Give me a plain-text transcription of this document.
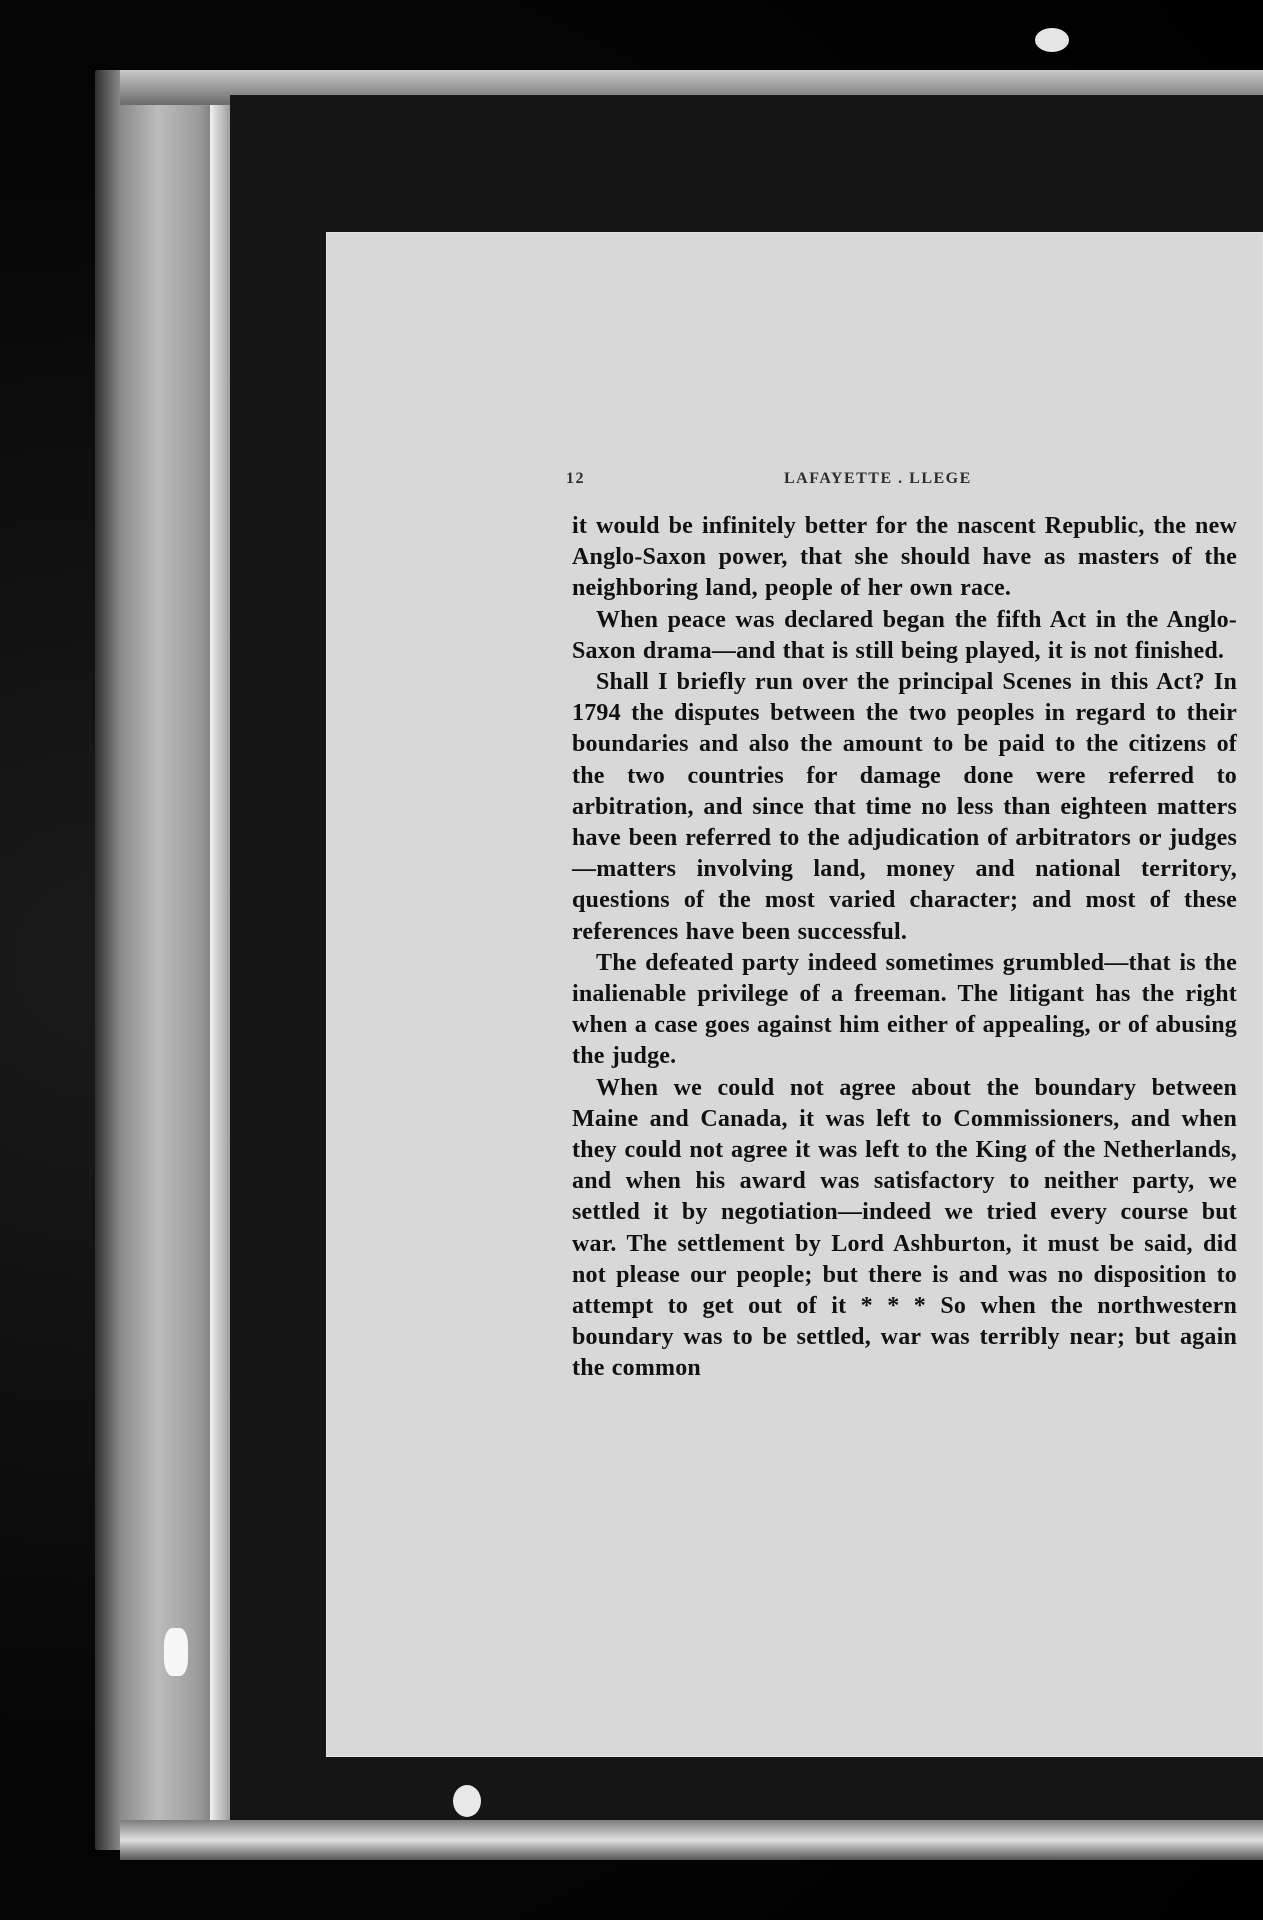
12	LAFAYETTE . LLEGE

it would be infinitely better for the nascent Republic, the new Anglo-Saxon power, that she should have as masters of the neighboring land, people of her own race.

When peace was declared began the fifth Act in the Anglo-Saxon drama—and that is still being played, it is not finished.

Shall I briefly run over the principal Scenes in this Act? In 1794 the disputes between the two peoples in regard to their boundaries and also the amount to be paid to the citizens of the two countries for damage done were referred to arbitration, and since that time no less than eighteen matters have been referred to the adjudication of arbitrators or judges—matters involving land, money and national territory, questions of the most varied character; and most of these references have been successful.

The defeated party indeed sometimes grumbled—that is the inalienable privilege of a freeman. The litigant has the right when a case goes against him either of appealing, or of abusing the judge.

When we could not agree about the boundary between Maine and Canada, it was left to Commissioners, and when they could not agree it was left to the King of the Netherlands, and when his award was satisfactory to neither party, we settled it by negotiation—indeed we tried every course but war. The settlement by Lord Ashburton, it must be said, did not please our people; but there is and was no disposition to attempt to get out of it * * * So when the northwestern boundary was to be settled, war was terribly near; but again the common
